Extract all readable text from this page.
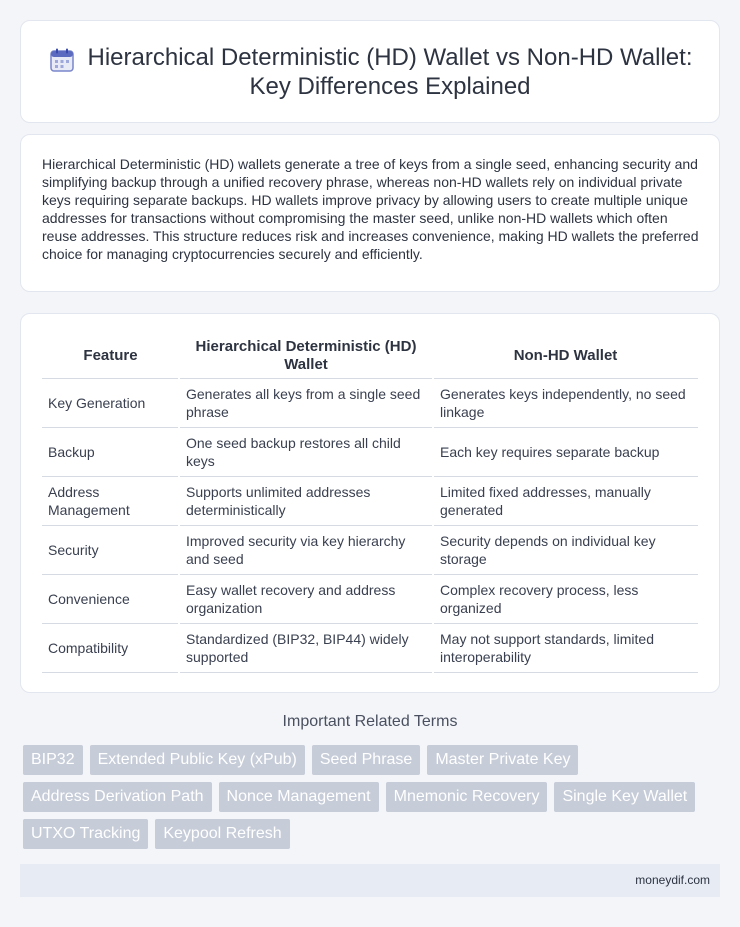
Hierarchical Deterministic (HD) Wallet vs Non-HD Wallet: Key Differences Explained

Hierarchical Deterministic (HD) wallets generate a tree of keys from a single seed, enhancing security and simplifying backup through a unified recovery phrase, whereas non-HD wallets rely on individual private keys requiring separate backups. HD wallets improve privacy by allowing users to create multiple unique addresses for transactions without compromising the master seed, unlike non-HD wallets which often reuse addresses. This structure reduces risk and increases convenience, making HD wallets the preferred choice for managing cryptocurrencies securely and efficiently.

Feature	Hierarchical Deterministic (HD) Wallet	Non-HD Wallet
Key Generation	Generates all keys from a single seed phrase	Generates keys independently, no seed linkage
Backup	One seed backup restores all child keys	Each key requires separate backup
Address Management	Supports unlimited addresses deterministically	Limited fixed addresses, manually generated
Security	Improved security via key hierarchy and seed	Security depends on individual key storage
Convenience	Easy wallet recovery and address organization	Complex recovery process, less organized
Compatibility	Standardized (BIP32, BIP44) widely supported	May not support standards, limited interoperability
Important Related Terms
BIP32	Extended Public Key (xPub)	Seed Phrase	Master Private Key
Address Derivation Path	Nonce Management	Mnemonic Recovery	Single Key Wallet
UTXO Tracking	Keypool Refresh
moneydif.com
